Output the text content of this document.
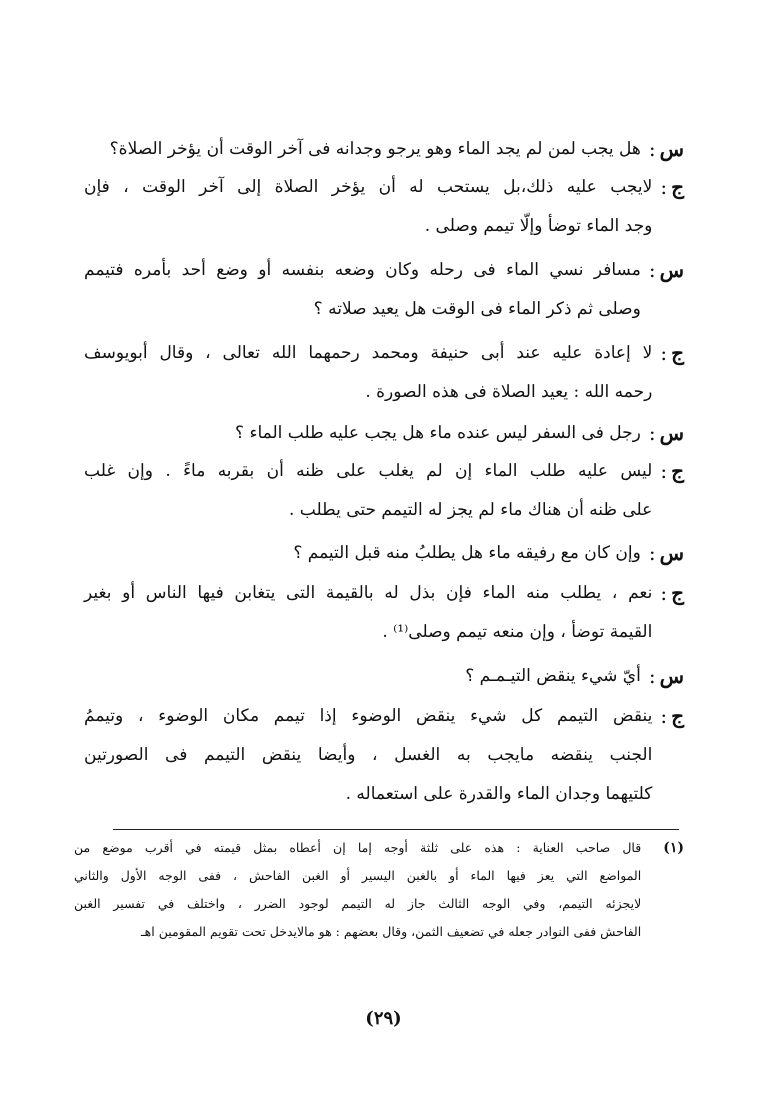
س:
هل يجب لمن لم يجد الماء وهو يرجو وجدانه فى آخر الوقت أن يؤخر الصلاة؟
ج:
لايجب عليه ذلك،بل يستحب له أن يؤخر الصلاة إلى آخر الوقت ، فإن
وجد الماء توضأ وإلّا تيمم وصلى .
س:
مسافر نسي الماء فى رحله وكان وضعه بنفسه أو وضع أحد بأمره فتيمم
وصلى ثم ذكر الماء فى الوقت هل يعيد صلاته ؟
ج:
لا إعادة عليه عند أبى حنيفة ومحمد رحمهما الله تعالى ، وقال أبويوسف
رحمه الله : يعيد الصلاة فى هذه الصورة .
س:
رجل فى السفر ليس عنده ماء هل يجب عليه طلب الماء ؟
ج:
ليس عليه طلب الماء إن لم يغلب على ظنه أن بقربه ماءً . وإن غلب
على ظنه أن هناك ماء لم يجز له التيمم حتى يطلب .
س:
وإن كان مع رفيقه ماء هل يطلبُ منه قبل التيمم ؟
ج:
نعم ، يطلب منه الماء فإن بذل له بالقيمة التى يتغابن فيها الناس أو بغير
القيمة توضأ ، وإن منعه تيمم وصلى⁽¹⁾ .
س:
أيّ شيء ينقض التيـمـم ؟
ج:
ينقض التيمم كل شيء ينقض الوضوء إذا تيمم مكان الوضوء ، وتيممُ
الجنب ينقضه مايجب به الغسل ، وأيضا ينقض التيمم فى الصورتين
كلتيهما وجدان الماء والقدرة على استعماله .
(١)
قال صاحب العناية : هذه على ثلثة أوجه إما إن أعطاه بمثل قيمته في أقرب موضع من
المواضع التي يعز فيها الماء أو بالغبن اليسير أو الغبن الفاحش ، ففى الوجه الأول والثاني
لايجزئه التيمم، وفي الوجه الثالث جاز له التيمم لوجود الضرر ، واختلف في تفسير الغبن
الفاحش ففى النوادر جعله في تضعيف الثمن، وقال بعضهم : هو مالايدخل تحت تقويم المقومين اهـ
(٢٩)
